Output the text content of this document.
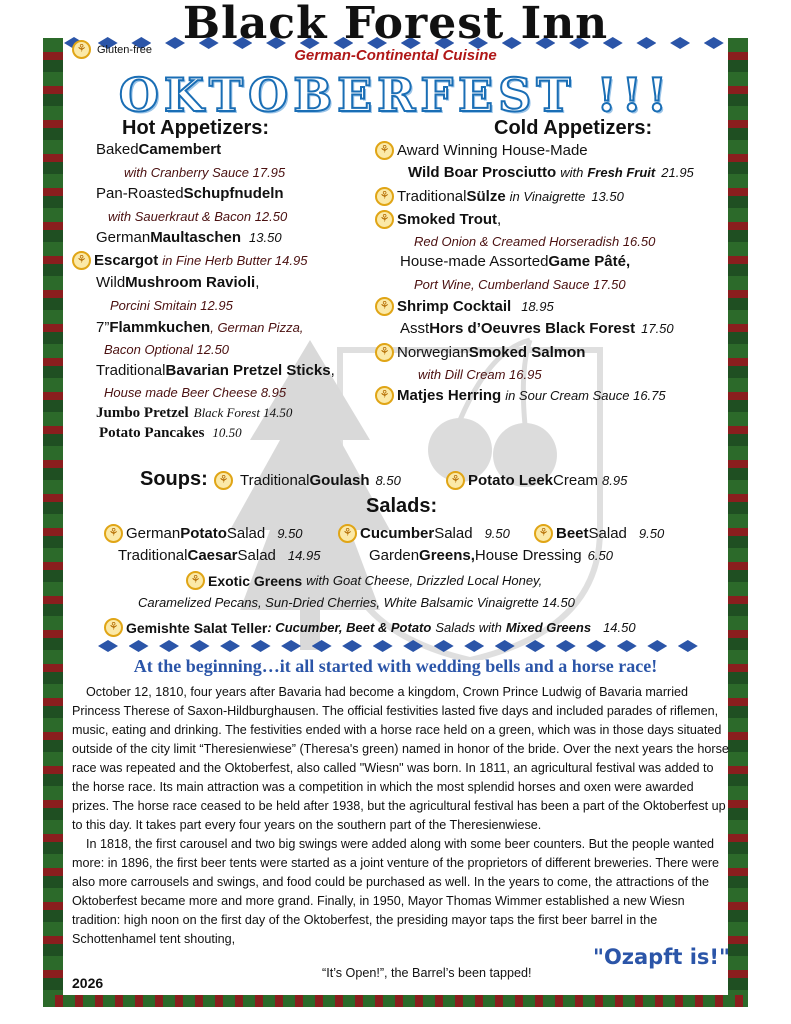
Black Forest Inn
German-Continental Cuisine
⚘ Gluten-free
OKTOBERFEST !!!
Hot Appetizers:
Baked Camembert
with Cranberry Sauce 17.95
Pan-Roasted Schupfnudeln
with Sauerkraut & Bacon 12.50
German Maultaschen 13.50
⚘ Escargot in Fine Herb Butter 14.95
Wild Mushroom Ravioli ,
Porcini Smitain 12.95
7” Flammkuchen , German Pizza,
Bacon Optional 12.50
Traditional Bavarian Pretzel Sticks ,
House made Beer Cheese 8.95
Jumbo Pretzel Black Forest 14.50
Potato Pancakes 10.50
Cold Appetizers:
⚘ Award Winning House-Made
Wild Boar Prosciutto with Fresh Fruit 21.95
⚘ Traditional Sülze in Vinaigrette 13.50
⚘ Smoked Trout ,
Red Onion & Creamed Horseradish 16.50
House-made Assorted Game Pâté,
Port Wine, Cumberland Sauce 17.50
⚘ Shrimp Cocktail 18.95
Asst Hors d’Oeuvres Black Forest 17.50
⚘ Norwegian Smoked Salmon
with Dill Cream 16.95
⚘ Matjes Herring in Sour Cream Sauce 16.75
Soups: ⚘ Traditional Goulash 8.50	⚘ Potato Leek Cream 8.95
Salads:
⚘ German Potato Salad 9.50	⚘ Cucumber Salad 9.50	⚘ Beet Salad 9.50
Traditional Caesar Salad 14.95	Garden Greens, House Dressing 6.50
⚘ Exotic Greens with Goat Cheese, Drizzled Local Honey,
Caramelized Pecans, Sun-Dried Cherries, White Balsamic Vinaigrette 14.50
⚘ Gemishte Salat Teller : Cucumber, Beet & Potato Salads with Mixed Greens 14.50
At the beginning…it all started with wedding bells and a horse race!

October 12, 1810, four years after Bavaria had become a kingdom, Crown Prince Ludwig of Bavaria married Princess Therese of Saxon-Hildburghausen. The official festivities lasted five days and included parades of riflemen, music, eating and drinking. The festivities ended with a horse race held on a green, which was in those days situated outside of the city limit “Theresienwiese” (Theresa's green) named in honor of the bride. Over the next years the horse race was repeated and the Oktoberfest, also called "Wiesn" was born. In 1811, an agricultural festival was added to the horse race. Its main attraction was a competition in which the most splendid horses and oxen were awarded prizes. The horse race ceased to be held after 1938, but the agricultural festival has been a part of the Oktoberfest up to this day. It takes part every four years on the southern part of the Theresienwiese.

In 1818, the first carousel and two big swings were added along with some beer counters. But the people wanted more: in 1896, the first beer tents were started as a joint venture of the proprietors of different breweries. There were also more carrousels and swings, and food could be purchased as well. In the years to come, the attractions of the Oktoberfest became more and more grand. Finally, in 1950, Mayor Thomas Wimmer established a new Wiesn tradition: high noon on the first day of the Oktoberfest, the presiding mayor taps the first beer barrel in the Schottenhamel tent shouting,

“It’s Open!”, the Barrel’s been tapped!
"Ozapft is!"
2026
